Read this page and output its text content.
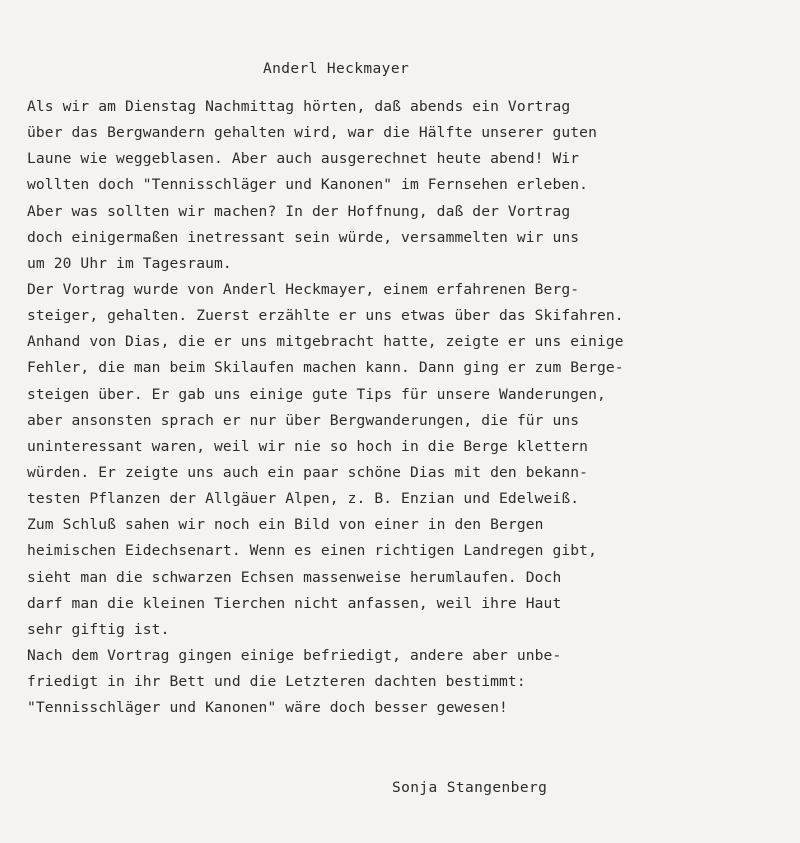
Anderl Heckmayer
Als wir am Dienstag Nachmittag hörten, daß abends ein Vortrag
über das Bergwandern gehalten wird, war die Hälfte unserer guten
Laune wie weggeblasen. Aber auch ausgerechnet heute abend! Wir
wollten doch "Tennisschläger und Kanonen" im Fernsehen erleben.
Aber was sollten wir machen? In der Hoffnung, daß der Vortrag
doch einigermaßen inetressant sein würde, versammelten wir uns
um 20 Uhr im Tagesraum.
Der Vortrag wurde von Anderl Heckmayer, einem erfahrenen Berg-
steiger, gehalten. Zuerst erzählte er uns etwas über das Skifahren.
Anhand von Dias, die er uns mitgebracht hatte, zeigte er uns einige
Fehler, die man beim Skilaufen machen kann. Dann ging er zum Berge-
steigen über. Er gab uns einige gute Tips für unsere Wanderungen,
aber ansonsten sprach er nur über Bergwanderungen, die für uns
uninteressant waren, weil wir nie so hoch in die Berge klettern
würden. Er zeigte uns auch ein paar schöne Dias mit den bekann-
testen Pflanzen der Allgäuer Alpen, z. B. Enzian und Edelweiß.
Zum Schluß sahen wir noch ein Bild von einer in den Bergen
heimischen Eidechsenart. Wenn es einen richtigen Landregen gibt,
sieht man die schwarzen Echsen massenweise herumlaufen. Doch
darf man die kleinen Tierchen nicht anfassen, weil ihre Haut
sehr giftig ist.
Nach dem Vortrag gingen einige befriedigt, andere aber unbe-
friedigt in ihr Bett und die Letzteren dachten bestimmt:
"Tennisschläger und Kanonen" wäre doch besser gewesen!
Sonja Stangenberg
